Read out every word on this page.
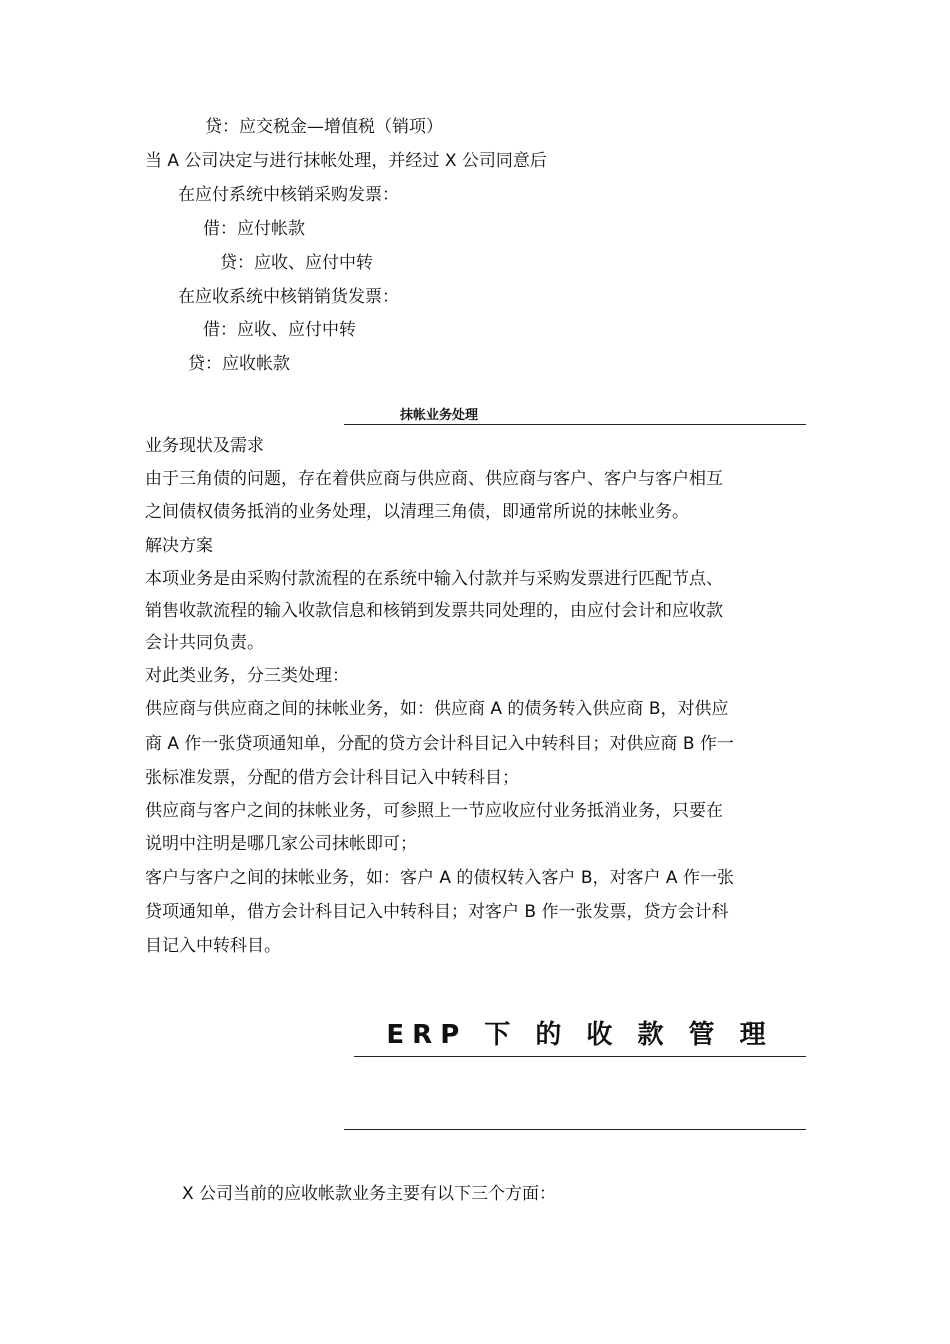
贷：应交税金—增值税（销项）
当 A 公司决定与进行抹帐处理，并经过 X 公司同意后
在应付系统中核销采购发票：
借：应付帐款
贷：应收、应付中转
在应收系统中核销销货发票：
借：应收、应付中转
贷：应收帐款
抹帐业务处理
业务现状及需求
由于三角债的问题，存在着供应商与供应商、供应商与客户、客户与客户相互
之间债权债务抵消的业务处理，以清理三角债，即通常所说的抹帐业务。
解决方案
本项业务是由采购付款流程的在系统中输入付款并与采购发票进行匹配节点、
销售收款流程的输入收款信息和核销到发票共同处理的，由应付会计和应收款
会计共同负责。
对此类业务，分三类处理：
供应商与供应商之间的抹帐业务，如：供应商 A 的债务转入供应商 B，对供应
商 A 作一张贷项通知单，分配的贷方会计科目记入中转科目；对供应商 B 作一
张标准发票，分配的借方会计科目记入中转科目；
供应商与客户之间的抹帐业务，可参照上一节应收应付业务抵消业务，只要在
说明中注明是哪几家公司抹帐即可；
客户与客户之间的抹帐业务，如：客户 A 的债权转入客户 B，对客户 A 作一张
贷项通知单，借方会计科目记入中转科目；对客户 B 作一张发票，贷方会计科
目记入中转科目。
ERP 下 的 收 款 管 理
X 公司当前的应收帐款业务主要有以下三个方面：
